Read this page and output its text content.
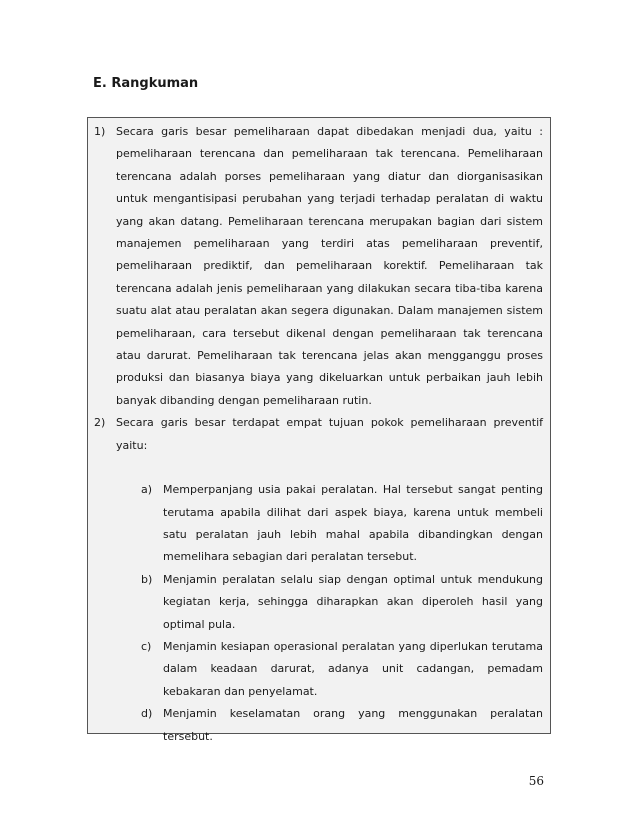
E. Rangkuman
1) Secara garis besar pemeliharaan dapat dibedakan menjadi dua, yaitu : pemeliharaan terencana dan pemeliharaan tak terencana. Pemeliharaan terencana adalah porses pemeliharaan yang diatur dan diorganisasikan untuk mengantisipasi perubahan yang terjadi terhadap peralatan di waktu yang akan datang. Pemeliharaan terencana merupakan bagian dari sistem manajemen pemeliharaan yang terdiri atas pemeliharaan preventif, pemeliharaan prediktif, dan pemeliharaan korektif. Pemeliharaan tak terencana adalah jenis pemeliharaan yang dilakukan secara tiba-tiba karena suatu alat atau peralatan akan segera digunakan. Dalam manajemen sistem pemeliharaan, cara tersebut dikenal dengan pemeliharaan tak terencana atau darurat. Pemeliharaan tak terencana jelas akan mengganggu proses produksi dan biasanya biaya yang dikeluarkan untuk perbaikan jauh lebih banyak dibanding dengan pemeliharaan rutin.
2) Secara garis besar terdapat empat tujuan pokok pemeliharaan preventif yaitu:
a) Memperpanjang usia pakai peralatan. Hal tersebut sangat penting terutama apabila dilihat dari aspek biaya, karena untuk membeli satu peralatan jauh lebih mahal apabila dibandingkan dengan memelihara sebagian dari peralatan tersebut.
b) Menjamin peralatan selalu siap dengan optimal untuk mendukung kegiatan kerja, sehingga diharapkan akan diperoleh hasil yang optimal pula.
c) Menjamin kesiapan operasional peralatan yang diperlukan terutama dalam keadaan darurat, adanya unit cadangan, pemadam kebakaran dan penyelamat.
d) Menjamin keselamatan orang yang menggunakan peralatan tersebut.
56
